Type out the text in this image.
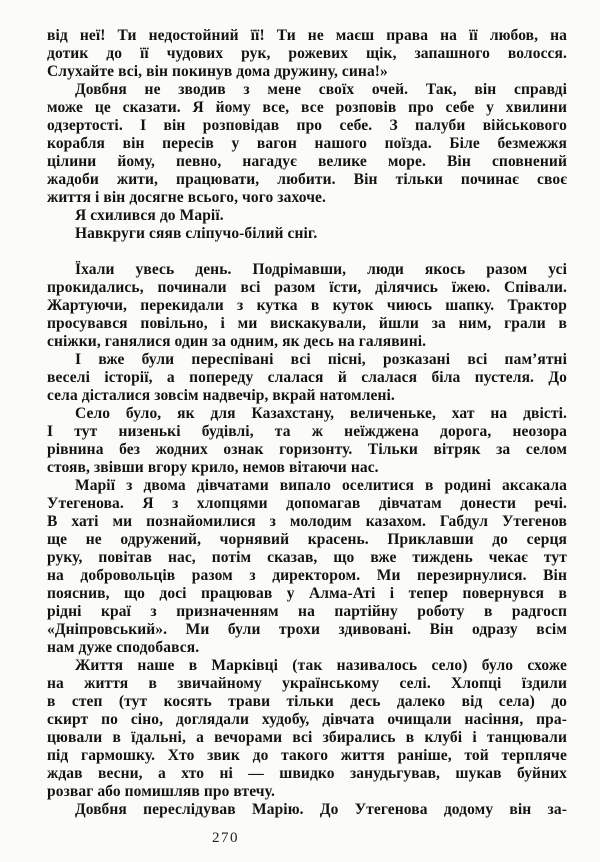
від неї! Ти недостойний її! Ти не маєш права на її любов, на
дотик до її чудових рук, рожевих щік, запашного волосся.
Слухайте всі, він покинув дома дружину, сина!»
Довбня не зводив з мене своїх очей. Так, він справді
може це сказати. Я йому все, все розповів про себе у хвилини
одзертості. І він розповідав про себе. З палуби військового
корабля він пересів у вагон нашого поїзда. Біле безмежжя
цілини йому, певно, нагадує велике море. Він сповнений
жадоби жити, працювати, любити. Він тільки починає своє
життя і він досягне всього, чого захоче.
Я схилився до Марії.
Навкруги сяяв сліпучо-білий сніг.
Їхали увесь день. Подрімавши, люди якось разом усі
прокидались, починали всі разом їсти, ділячись їжею. Співали.
Жартуючи, перекидали з кутка в куток чиюсь шапку. Трактор
просувався повільно, і ми вискакували, йшли за ним, грали в
сніжки, ганялися один за одним, як десь на галявині.
І вже були переспівані всі пісні, розказані всі пам’ятні
веселі історії, а попереду слалася й слалася біла пустеля. До
села дісталися зовсім надвечір, вкрай натомлені.
Село було, як для Казахстану, величеньке, хат на двісті.
І тут низенькі будівлі, та ж неїжджена дорога, неозора
рівнина без жодних ознак горизонту. Тільки вітряк за селом
стояв, звівши вгору крило, немов вітаючи нас.
Марії з двома дівчатами випало оселитися в родині аксакала
Утегенова. Я з хлопцями допомагав дівчатам донести речі.
В хаті ми познайомилися з молодим казахом. Габдул Утегенов
ще не одружений, чорнявий красень. Приклавши до серця
руку, повітав нас, потім сказав, що вже тиждень чекає тут
на добровольців разом з директором. Ми перезирнулися. Він
пояснив, що досі працював у Алма-Аті і тепер повернувся в
рідні краї з призначенням на партійну роботу в радгосп
«Дніпровський». Ми були трохи здивовані. Він одразу всім
нам дуже сподобався.
Життя наше в Марківці (так називалось село) було схоже
на життя в звичайному українському селі. Хлопці їздили
в степ (тут косять трави тільки десь далеко від села) до
скирт по сіно, доглядали худобу, дівчата очищали насіння, пра-
цювали в їдальні, а вечорами всі збирались в клубі і танцювали
під гармошку. Хто звик до такого життя раніше, той терпляче
ждав весни, а хто ні — швидко занудьгував, шукав буйних
розваг або помишляв про втечу.
Довбня переслідував Марію. До Утегенова додому він за-
270
